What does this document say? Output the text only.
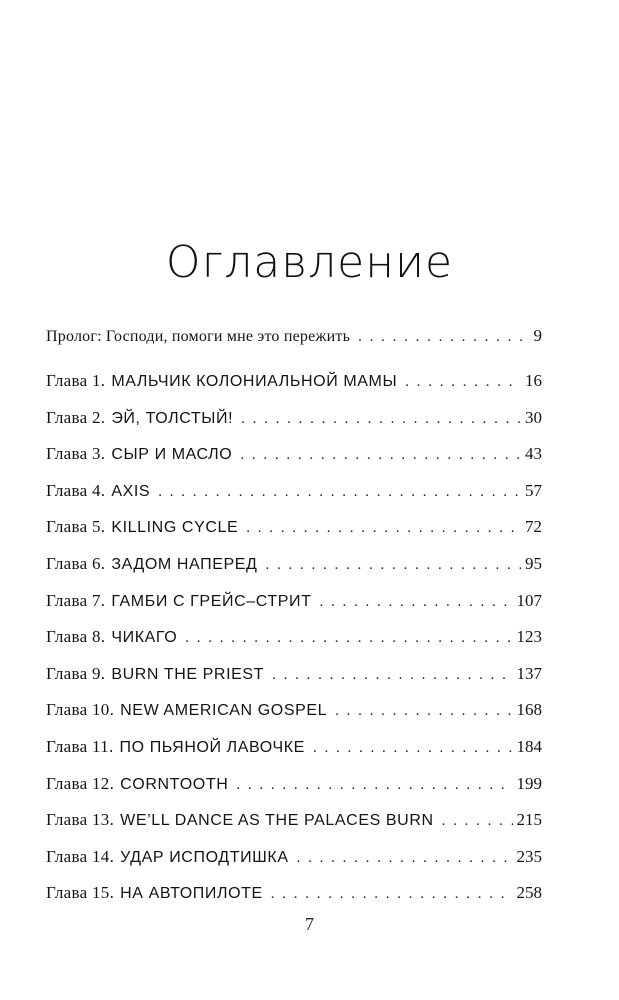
Оглавление
Пролог: Господи, помоги мне это пережить . . .	9
Глава 1. МАЛЬЧИК КОЛОНИАЛЬНОЙ МАМЫ . . .	16
Глава 2. ЭЙ, ТОЛСТЫЙ! . . .	30
Глава 3. СЫР И МАСЛО . . .	43
Глава 4. AXIS . . .	57
Глава 5. KILLING CYCLE . . .	72
Глава 6. ЗАДОМ НАПЕРЕД . . .	95
Глава 7. ГАМБИ С ГРЕЙС–СТРИТ . . .	107
Глава 8. ЧИКАГО . . .	123
Глава 9. BURN THE PRIEST . . .	137
Глава 10. NEW AMERICAN GOSPEL . . .	168
Глава 11. ПО ПЬЯНОЙ ЛАВОЧКЕ . . .	184
Глава 12. CORNTOOTH . . .	199
Глава 13. WE’LL DANCE AS THE PALACES BURN . . .	215
Глава 14. УДАР ИСПОДТИШКА . . .	235
Глава 15. НА АВТОПИЛОТЕ . . .	258
7
